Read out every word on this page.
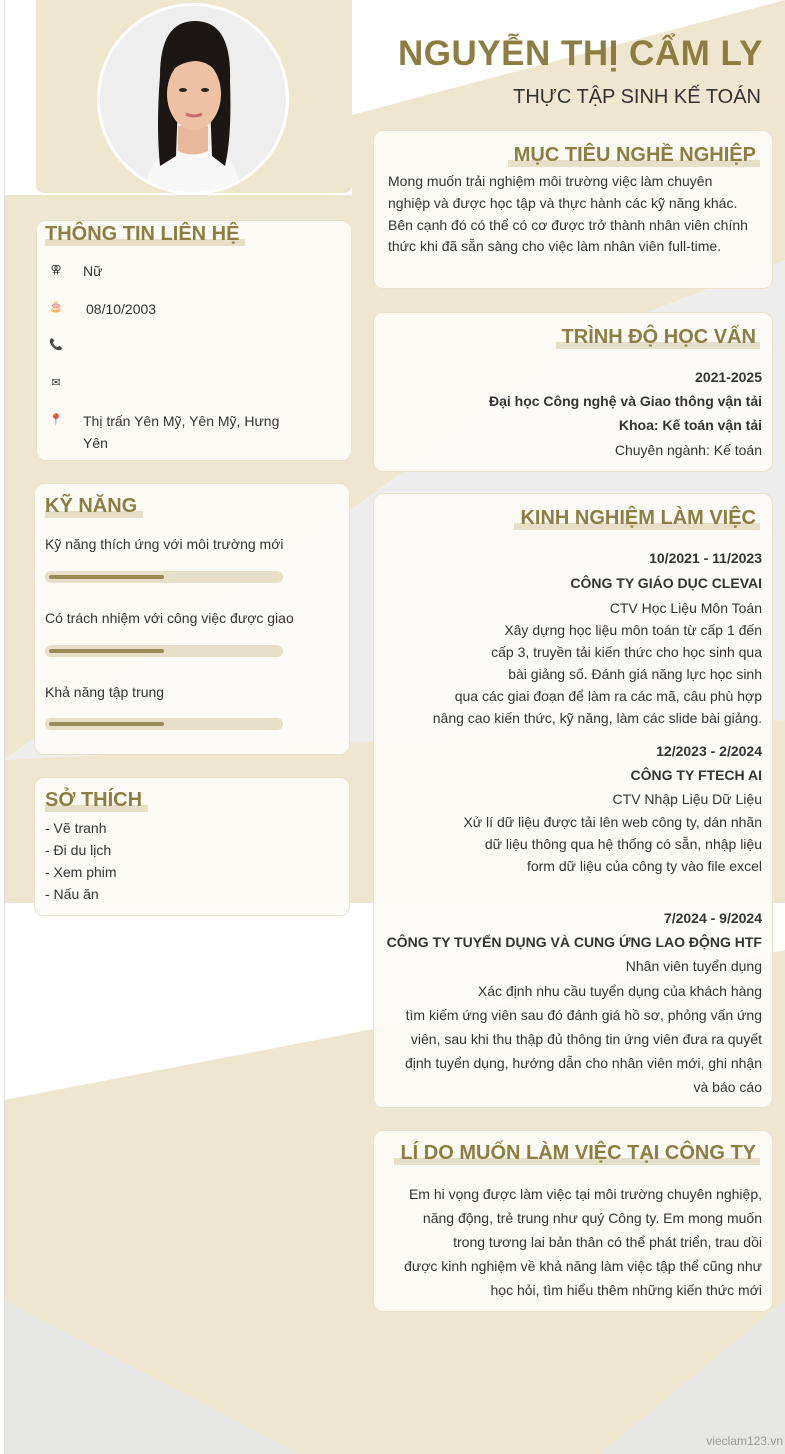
NGUYỄN THỊ CẨM LY
THỰC TẬP SINH KẾ TOÁN
THÔNG TIN LIÊN HỆ
⚢ Nữ
🎂 08/10/2003
📞
✉
📍 Thị trấn Yên Mỹ, Yên Mỹ, Hưng Yên
KỸ NĂNG
Kỹ năng thích ứng với môi trường mới
Có trách nhiệm với công việc được giao
Khả năng tập trung
SỞ THÍCH
- Vẽ tranh
- Đi du lịch
- Xem phim
- Nấu ăn
MỤC TIÊU NGHỀ NGHIỆP
Mong muốn trải nghiệm môi trường việc làm chuyên
nghiệp và được học tập và thực hành các kỹ năng khác.
Bên cạnh đó có thể có cơ được trở thành nhân viên chính
thức khi đã sẵn sàng cho việc làm nhân viên full-time.
TRÌNH ĐỘ HỌC VẤN
2021-2025
Đại học Công nghệ và Giao thông vận tải
Khoa: Kế toán vận tải
Chuyên ngành: Kế toán
KINH NGHIỆM LÀM VIỆC
10/2021 - 11/2023
CÔNG TY GIÁO DỤC CLEVAI
CTV Học Liệu Môn Toán
Xây dựng học liệu môn toán từ cấp 1 đến
cấp 3, truyền tải kiến thức cho học sinh qua
bài giảng số. Đánh giá năng lực học sinh
qua các giai đoạn để làm ra các mã, câu phù hợp
nâng cao kiến thức, kỹ năng, làm các slide bài giảng.
12/2023 - 2/2024
CÔNG TY FTECH AI
CTV Nhập Liệu Dữ Liệu
Xử lí dữ liệu được tải lên web công ty, dán nhãn
dữ liệu thông qua hệ thống có sẵn, nhập liệu
form dữ liệu của công ty vào file excel
7/2024 - 9/2024
CÔNG TY TUYỂN DỤNG VÀ CUNG ỨNG LAO ĐỘNG HTF
Nhân viên tuyển dụng
Xác định nhu cầu tuyển dụng của khách hàng
tìm kiếm ứng viên sau đó đánh giá hồ sơ, phỏng vấn ứng
viên, sau khi thu thập đủ thông tin ứng viên đưa ra quyết
định tuyển dụng, hướng dẫn cho nhân viên mới, ghi nhận
và báo cáo
LÍ DO MUỐN LÀM VIỆC TẠI CÔNG TY
Em hi vọng được làm việc tại môi trường chuyên nghiệp,
năng động, trẻ trung như quý Công ty. Em mong muốn
trong tương lai bản thân có thể phát triển, trau dồi
được kinh nghiệm về khả năng làm việc tập thể cũng như
học hỏi, tìm hiểu thêm những kiến thức mới
vieclam123.vn
